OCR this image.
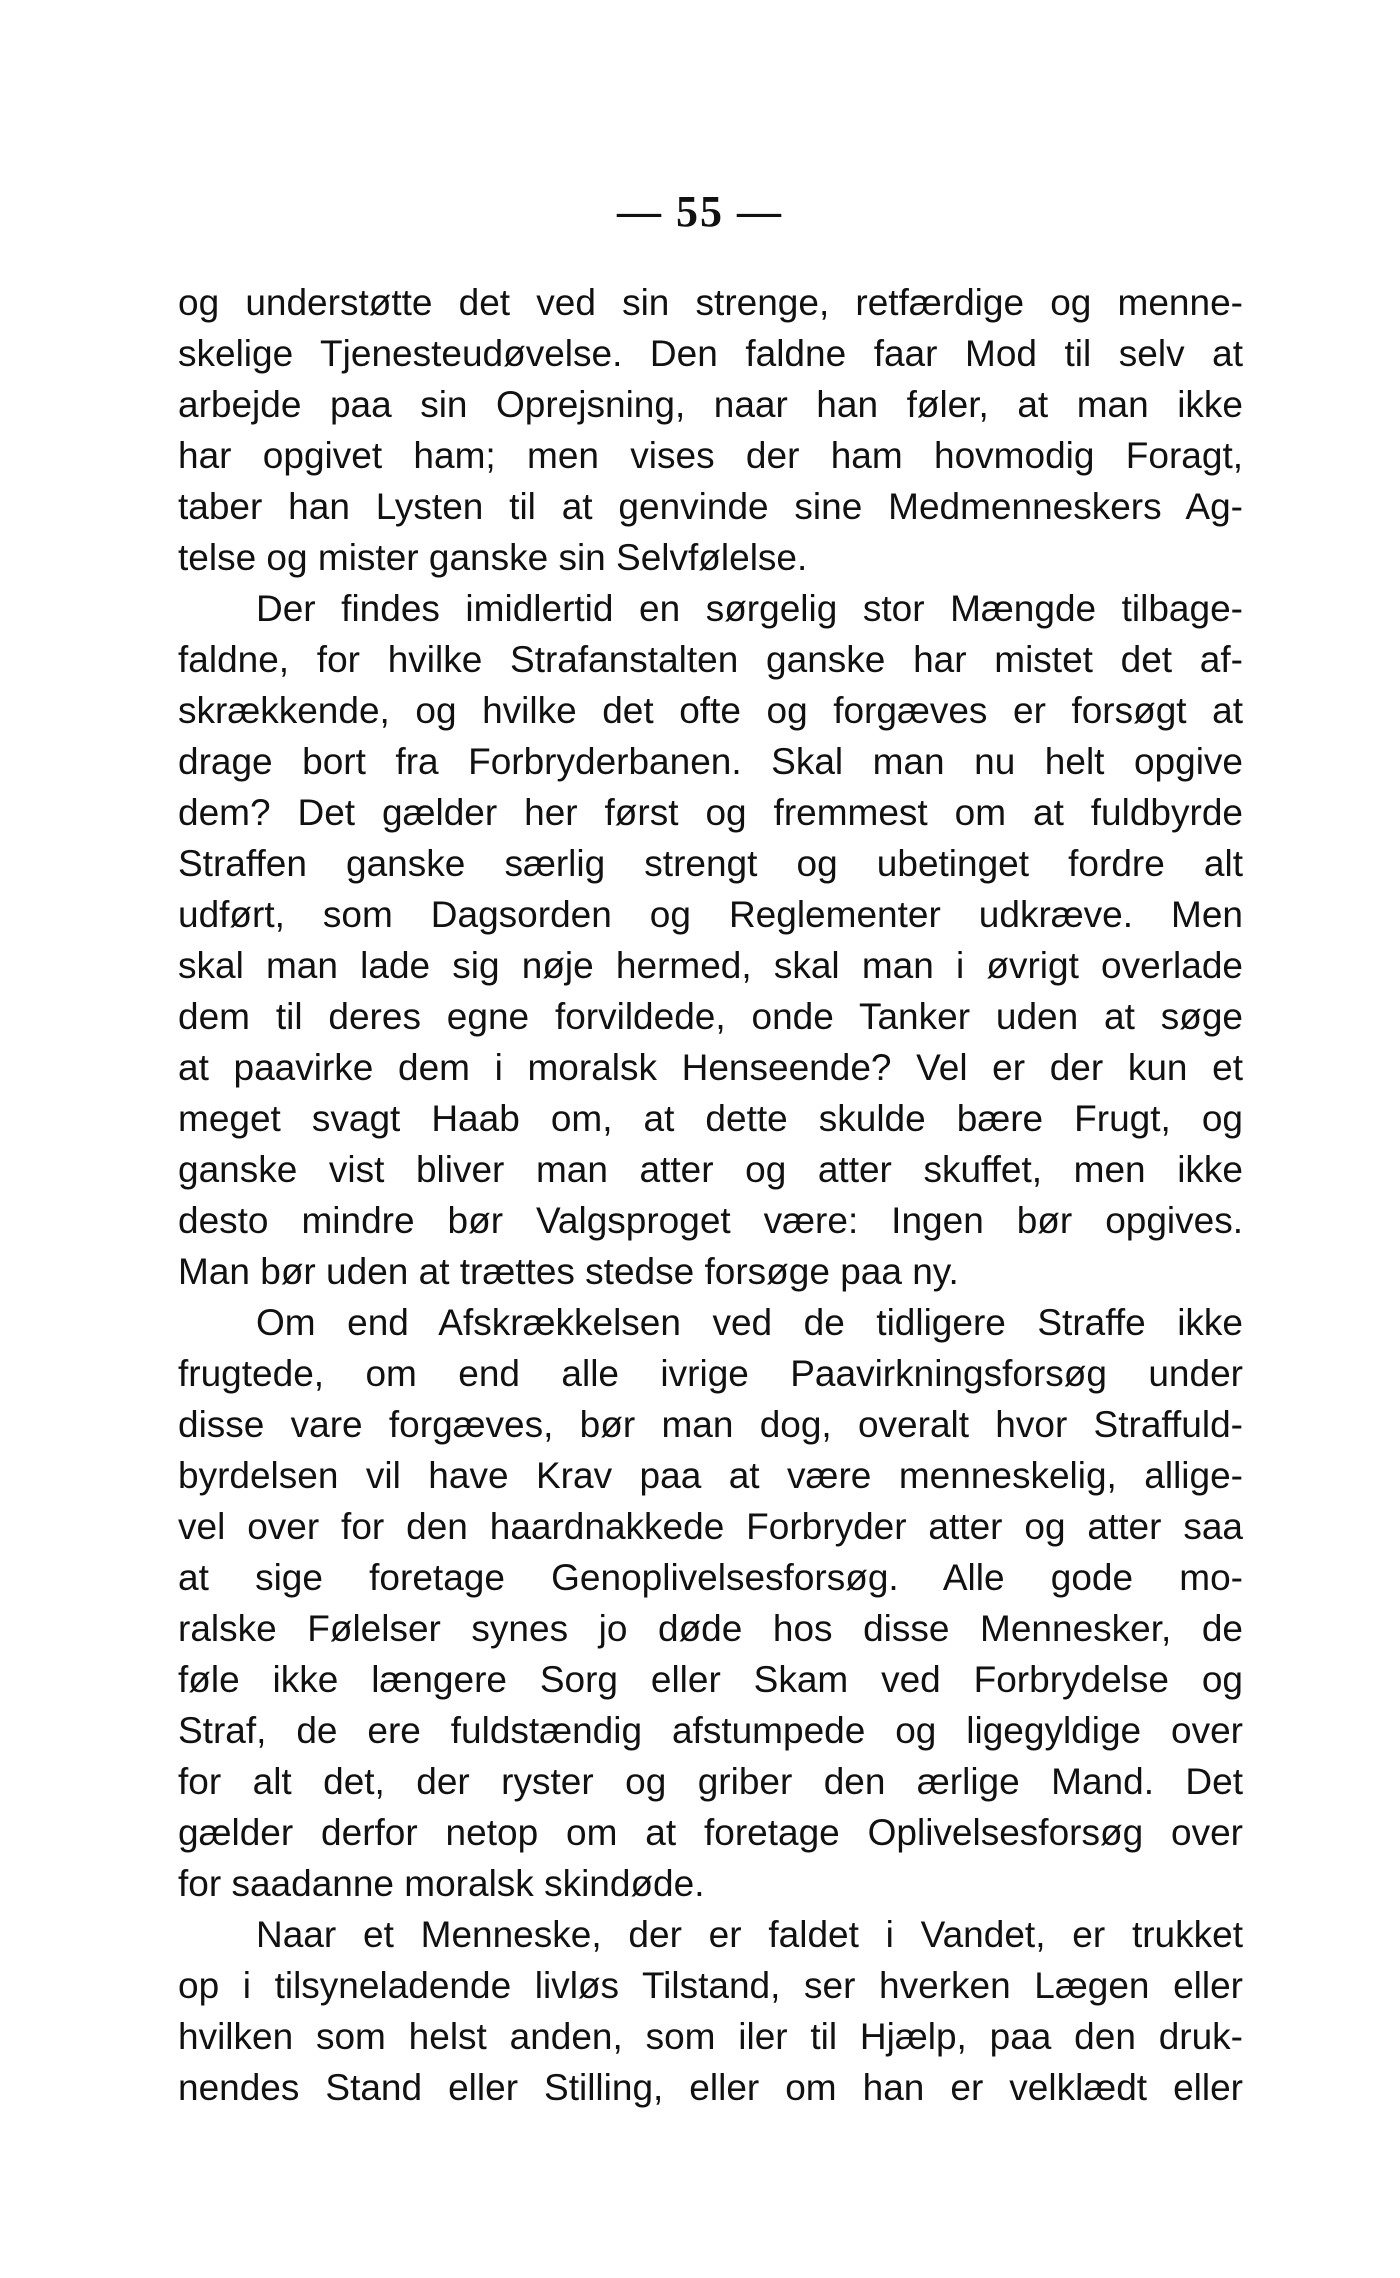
— 55 —
og understøtte det ved sin strenge, retfærdige og menne-
skelige Tjenesteudøvelse. Den faldne faar Mod til selv at
arbejde paa sin Oprejsning, naar han føler, at man ikke
har opgivet ham; men vises der ham hovmodig Foragt,
taber han Lysten til at genvinde sine Medmenneskers Ag-
telse og mister ganske sin Selvfølelse.
Der findes imidlertid en sørgelig stor Mængde tilbage-
faldne, for hvilke Strafanstalten ganske har mistet det af-
skrækkende, og hvilke det ofte og forgæves er forsøgt at
drage bort fra Forbryderbanen. Skal man nu helt opgive
dem? Det gælder her først og fremmest om at fuldbyrde
Straffen ganske særlig strengt og ubetinget fordre alt
udført, som Dagsorden og Reglementer udkræve. Men
skal man lade sig nøje hermed, skal man i øvrigt overlade
dem til deres egne forvildede, onde Tanker uden at søge
at paavirke dem i moralsk Henseende? Vel er der kun et
meget svagt Haab om, at dette skulde bære Frugt, og
ganske vist bliver man atter og atter skuffet, men ikke
desto mindre bør Valgsproget være: Ingen bør opgives.
Man bør uden at trættes stedse forsøge paa ny.
Om end Afskrækkelsen ved de tidligere Straffe ikke
frugtede, om end alle ivrige Paavirkningsforsøg under
disse vare forgæves, bør man dog, overalt hvor Straffuld-
byrdelsen vil have Krav paa at være menneskelig, allige-
vel over for den haardnakkede Forbryder atter og atter saa
at sige foretage Genoplivelsesforsøg. Alle gode mo-
ralske Følelser synes jo døde hos disse Mennesker, de
føle ikke længere Sorg eller Skam ved Forbrydelse og
Straf, de ere fuldstændig afstumpede og ligegyldige over
for alt det, der ryster og griber den ærlige Mand. Det
gælder derfor netop om at foretage Oplivelsesforsøg over
for saadanne moralsk skindøde.
Naar et Menneske, der er faldet i Vandet, er trukket
op i tilsyneladende livløs Tilstand, ser hverken Lægen eller
hvilken som helst anden, som iler til Hjælp, paa den druk-
nendes Stand eller Stilling, eller om han er velklædt eller
